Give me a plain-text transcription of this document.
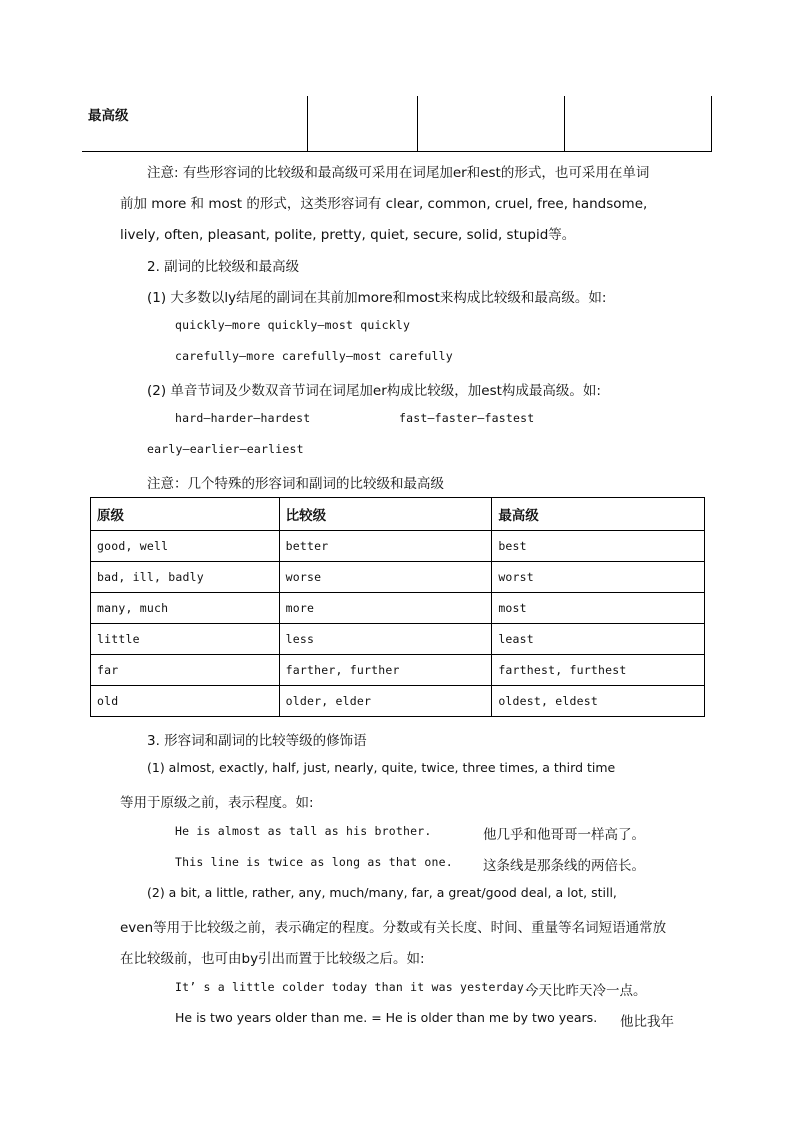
最高级			
注意: 有些形容词的比较级和最高级可采用在词尾加er和est的形式，也可采用在单词
前加 more 和 most 的形式，这类形容词有 clear, common, cruel, free, handsome,
lively, often, pleasant, polite, pretty, quiet, secure, solid, stupid等。
2. 副词的比较级和最高级
(1) 大多数以ly结尾的副词在其前加more和most来构成比较级和最高级。如:
quickly—more quickly—most quickly
carefully—more carefully—most carefully
(2) 单音节词及少数双音节词在词尾加er构成比较级，加est构成最高级。如:
hard—harder—hardest	fast—faster—fastest
early—earlier—earliest
注意：几个特殊的形容词和副词的比较级和最高级
原级	比较级	最高级
good, well	better	best
bad, ill, badly	worse	worst
many, much	more	most
little	less	least
far	farther, further	farthest, furthest
old	older, elder	oldest, eldest
3. 形容词和副词的比较等级的修饰语
(1) almost, exactly, half, just, nearly, quite, twice, three times, a third time
等用于原级之前，表示程度。如:
He is almost as tall as his brother.	他几乎和他哥哥一样高了。
This line is twice as long as that one. 这条线是那条线的两倍长。
(2) a bit, a little, rather, any, much/many, far, a great/good deal, a lot, still,
even等用于比较级之前，表示确定的程度。分数或有关长度、时间、重量等名词短语通常放
在比较级前，也可由by引出而置于比较级之后。如:
It’ s a little colder today than it was yesterday.
今天比昨天冷一点。
He is two years older than me. = He is older than me by two years. 他比我年
